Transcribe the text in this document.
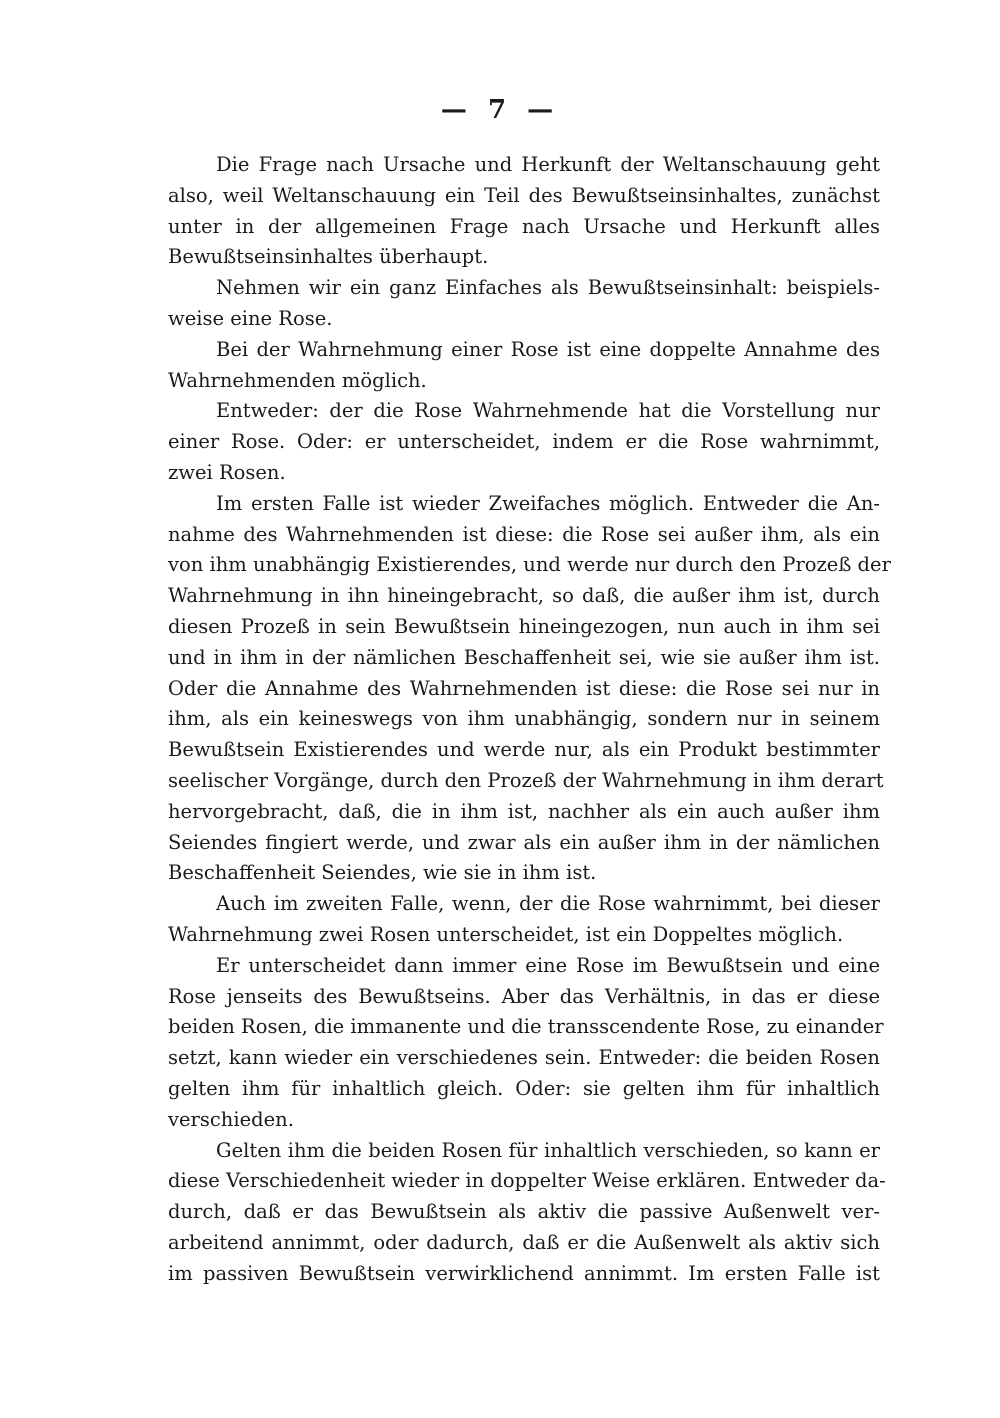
— 7 —
Die Frage nach Ursache und Herkunft der Weltanschauung geht
also, weil Weltanschauung ein Teil des Bewußtseinsinhaltes, zunächst
unter in der allgemeinen Frage nach Ursache und Herkunft alles
Bewußtseinsinhaltes überhaupt.
Nehmen wir ein ganz Einfaches als Bewußtseinsinhalt: beispiels-
weise eine Rose.
Bei der Wahrnehmung einer Rose ist eine doppelte Annahme des
Wahrnehmenden möglich.
Entweder: der die Rose Wahrnehmende hat die Vorstellung nur
einer Rose. Oder: er unterscheidet, indem er die Rose wahrnimmt,
zwei Rosen.
Im ersten Falle ist wieder Zweifaches möglich. Entweder die An-
nahme des Wahrnehmenden ist diese: die Rose sei außer ihm, als ein
von ihm unabhängig Existierendes, und werde nur durch den Prozeß der
Wahrnehmung in ihn hineingebracht, so daß, die außer ihm ist, durch
diesen Prozeß in sein Bewußtsein hineingezogen, nun auch in ihm sei
und in ihm in der nämlichen Beschaffenheit sei, wie sie außer ihm ist.
Oder die Annahme des Wahrnehmenden ist diese: die Rose sei nur in
ihm, als ein keineswegs von ihm unabhängig, sondern nur in seinem
Bewußtsein Existierendes und werde nur, als ein Produkt bestimmter
seelischer Vorgänge, durch den Prozeß der Wahrnehmung in ihm derart
hervorgebracht, daß, die in ihm ist, nachher als ein auch außer ihm
Seiendes fingiert werde, und zwar als ein außer ihm in der nämlichen
Beschaffenheit Seiendes, wie sie in ihm ist.
Auch im zweiten Falle, wenn, der die Rose wahrnimmt, bei dieser
Wahrnehmung zwei Rosen unterscheidet, ist ein Doppeltes möglich.
Er unterscheidet dann immer eine Rose im Bewußtsein und eine
Rose jenseits des Bewußtseins. Aber das Verhältnis, in das er diese
beiden Rosen, die immanente und die transscendente Rose, zu einander
setzt, kann wieder ein verschiedenes sein. Entweder: die beiden Rosen
gelten ihm für inhaltlich gleich. Oder: sie gelten ihm für inhaltlich
verschieden.
Gelten ihm die beiden Rosen für inhaltlich verschieden, so kann er
diese Verschiedenheit wieder in doppelter Weise erklären. Entweder da-
durch, daß er das Bewußtsein als aktiv die passive Außenwelt ver-
arbeitend annimmt, oder dadurch, daß er die Außenwelt als aktiv sich
im passiven Bewußtsein verwirklichend annimmt. Im ersten Falle ist
